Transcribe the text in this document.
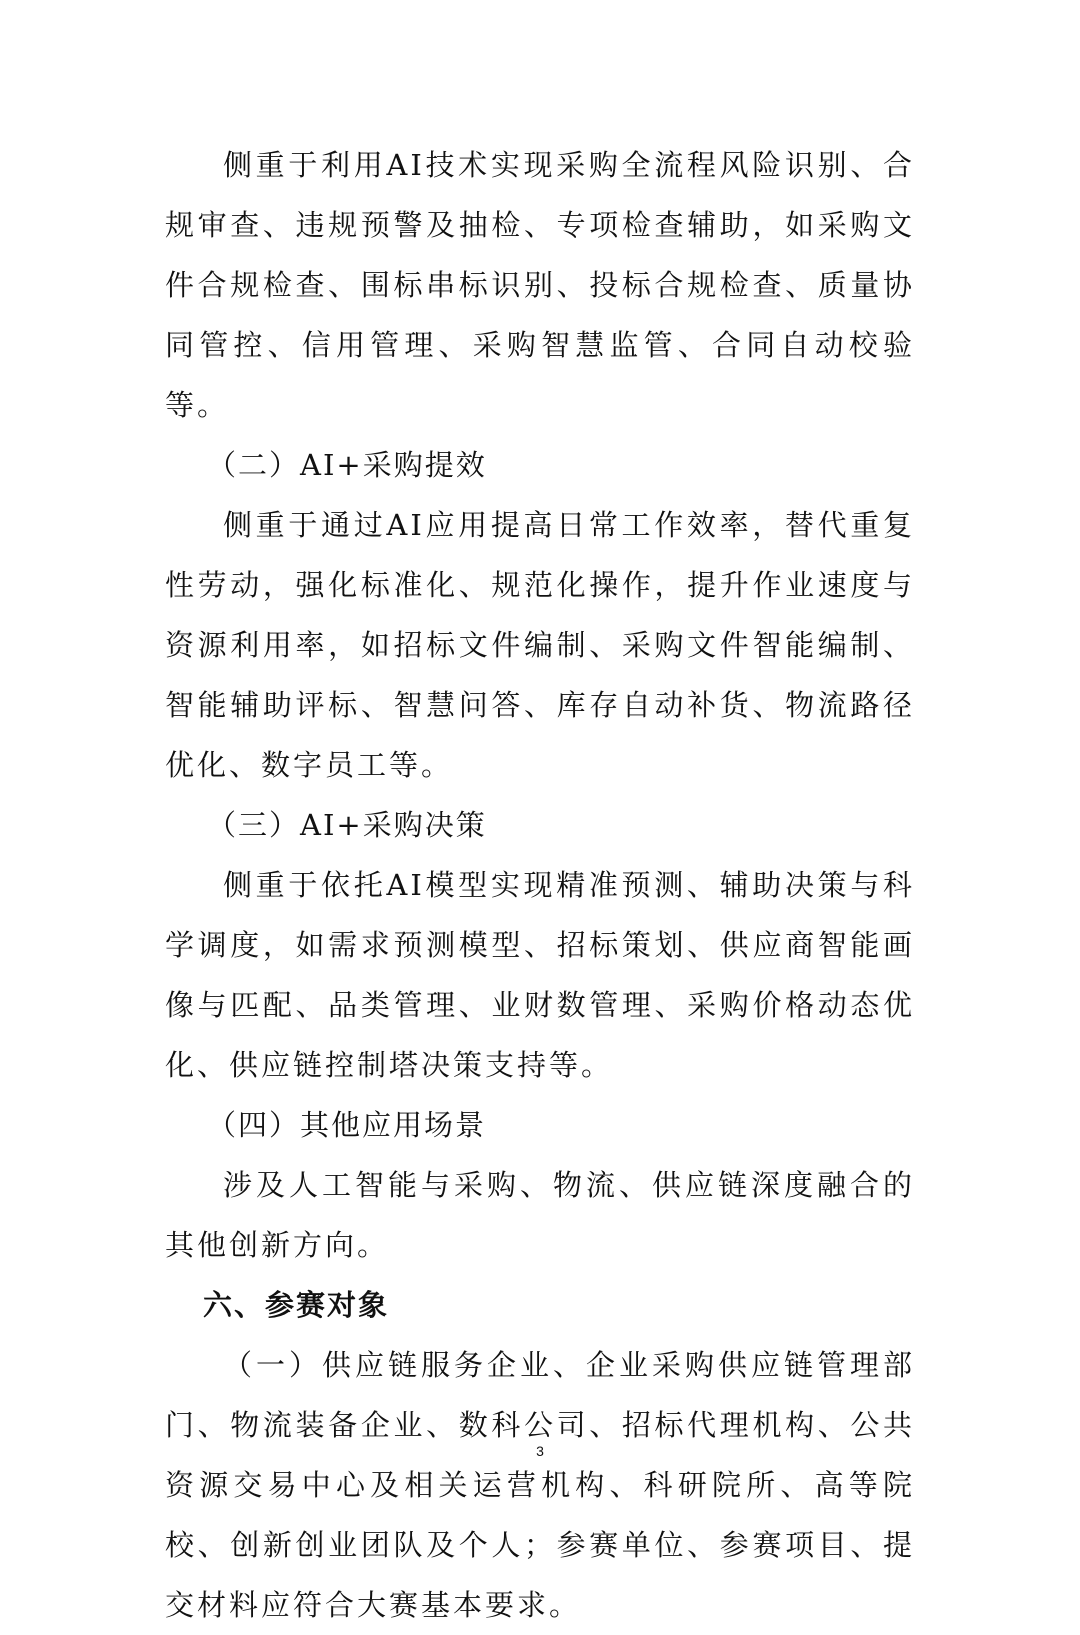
侧重于利用AI技术实现采购全流程风险识别、合规审查、违规预警及抽检、专项检查辅助，如采购文件合规检查、围标串标识别、投标合规检查、质量协同管控、信用管理、采购智慧监管、合同自动校验等。

（二）AI+采购提效

侧重于通过AI应用提高日常工作效率，替代重复性劳动，强化标准化、规范化操作，提升作业速度与资源利用率，如招标文件编制、采购文件智能编制、智能辅助评标、智慧问答、库存自动补货、物流路径优化、数字员工等。

（三）AI+采购决策

侧重于依托AI模型实现精准预测、辅助决策与科学调度，如需求预测模型、招标策划、供应商智能画像与匹配、品类管理、业财数管理、采购价格动态优化、供应链控制塔决策支持等。

（四）其他应用场景

涉及人工智能与采购、物流、供应链深度融合的其他创新方向。

六、参赛对象

（一）供应链服务企业、企业采购供应链管理部门、物流装备企业、数科公司、招标代理机构、公共资源交易中心及相关运营机构、科研院所、高等院校、创新创业团队及个人；参赛单位、参赛项目、提交材料应符合大赛基本要求。

3
